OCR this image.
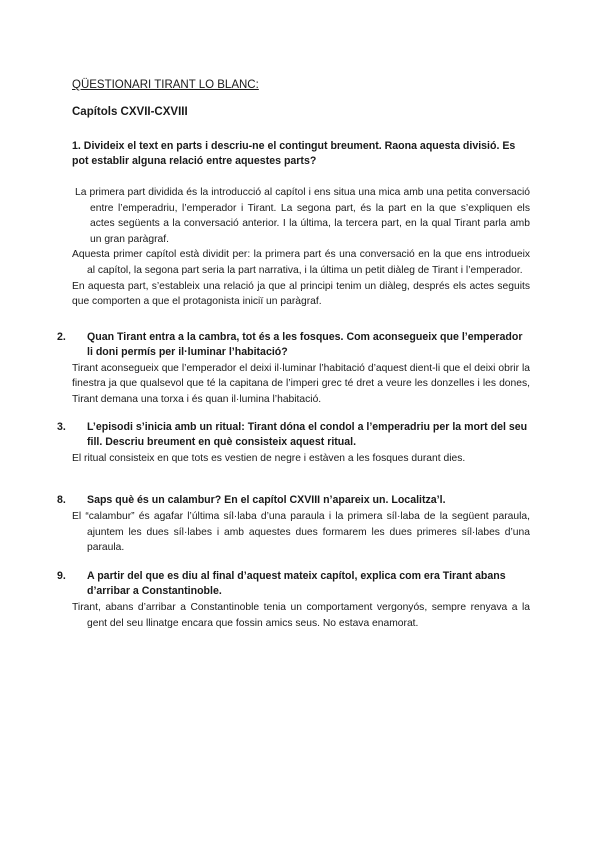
QÜESTIONARI TIRANT LO BLANC:
Capítols CXVII-CXVIII

1. Divideix el text en parts i descriu-ne el contingut breument. Raona aquesta divisió. Es pot establir alguna relació entre aquestes parts?

La primera part dividida és la introducció al capítol i ens situa una mica amb una petita conversació entre l’emperadriu, l’emperador i Tirant. La segona part, és la part en la que s’expliquen els actes següents a la conversació anterior. I la última, la tercera part, en la qual Tirant parla amb un gran paràgraf.

Aquesta primer capítol està dividit per: la primera part és una conversació en la que ens introdueix al capítol, la segona part seria la part narrativa, i la última un petit diàleg de Tirant i l’emperador.

En aquesta part, s’estableix una relació ja que al principi tenim un diàleg, després els actes seguits que comporten a que el protagonista iniciï un paràgraf.

2. Quan Tirant entra a la cambra, tot és a les fosques. Com aconsegueix que l’emperador li doni permís per il·luminar l’habitació?

Tirant aconsegueix que l’emperador el deixi il·luminar l’habitació d’aquest dient-li que el deixi obrir la finestra ja que qualsevol que té la capitana de l’imperi grec té dret a veure les donzelles i les dones, Tirant demana una torxa i és quan il·lumina l’habitació.

3. L’episodi s’inicia amb un ritual: Tirant dóna el condol a l’emperadriu per la mort del seu fill. Descriu breument en què consisteix aquest ritual.

El ritual consisteix en que tots es vestien de negre i estàven a les fosques durant dies.

8. Saps què és un calambur? En el capítol CXVIII n’apareix un. Localitza’l.

El “calambur” és agafar l’última síl·laba d’una paraula i la primera síl·laba de la següent paraula, ajuntem les dues síl·labes i amb aquestes dues formarem les dues primeres síl·labes d’una paraula.

9. A partir del que es diu al final d’aquest mateix capítol, explica com era Tirant abans d’arribar a Constantinoble.

Tirant, abans d’arribar a Constantinoble tenia un comportament vergonyós, sempre renyava a la gent del seu llinatge encara que fossin amics seus. No estava enamorat.
